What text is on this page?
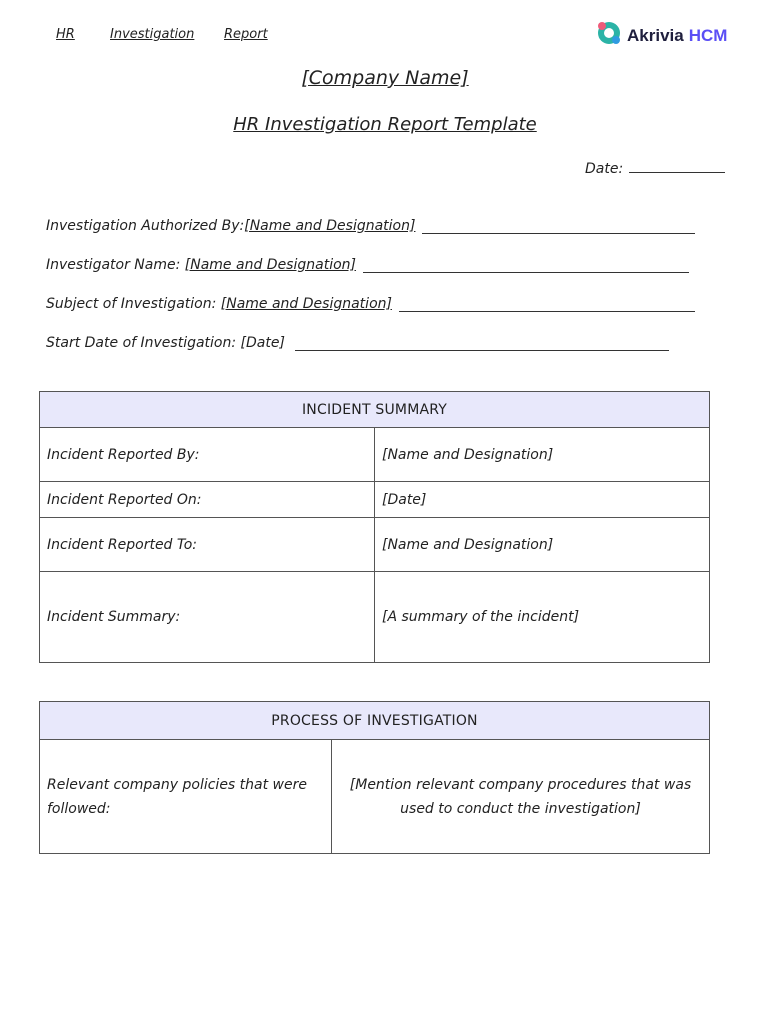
HR	Investigation Report	Akrivia HCM
[Company Name]
HR Investigation Report Template
Date:
Investigation Authorized By: [Name and Designation]
Investigator Name:
[Name and Designation]
Subject of Investigation:
[Name and Designation]
Start Date of Investigation:
[Date]
INCIDENT SUMMARY	
Incident Reported By:	[Name and Designation]
Incident Reported On:	[Date]
Incident Reported To:	[Name and Designation]
Incident Summary:	[A summary of the incident]
PROCESS OF INVESTIGATION
Relevant company policies that were followed:	[Mention relevant company procedures that was used to conduct the investigation]
